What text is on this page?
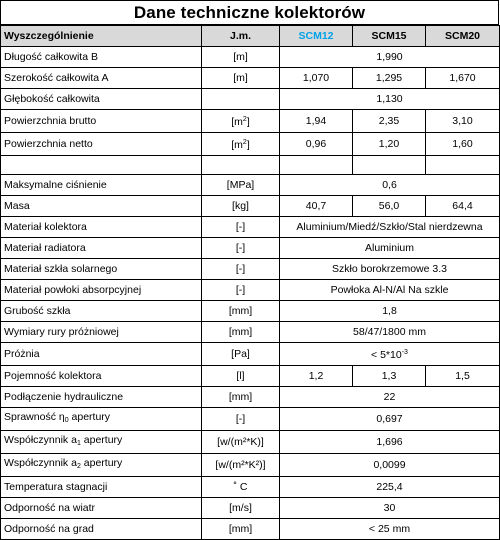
Dane techniczne kolektorów
Wyszczególnienie	J.m.	SCM12	SCM15	SCM20
Długość całkowita B	[m]	1,990		
Szerokość całkowita A	[m]	1,070	1,295	1,670
Głębokość całkowita		1,130		
Powierzchnia brutto	$[m^2]$	1,94	2,35	3,10
Powierzchnia netto	$[m^2]$	0,96	1,20	1,60

Maksymalne ciśnienie	[MPa]	0,6		
Masa	[kg]	40,7	56,0	64,4
Materiał kolektora	[-]	Aluminium/Miedź/Szkło/Stal nierdzewna		
Materiał radiatora	[-]	Aluminium		
Materiał szkła solarnego	[-]	Szkło borokrzemowe 3.3		
Materiał powłoki absorpcyjnej	[-]	Powłoka Al-N/Al Na szkle		
Grubość szkła	[mm]	1,8		
Wymiary rury próżniowej	[mm]	58/47/1800 mm		
Próżnia	[Pa]	< $5*10^{-3}$
Pojemność kolektora	[l]	1,2	1,3	1,5
Podłączenie hydrauliczne	[mm]	22		
Sprawność $\eta_0$ apertury	[-]	0,697		
Współczynnik $a_1$ apertury	[w/(m²*K)]	1,696		
Współczynnik $a_2$ apertury	[w/(m²*K²)]	0,0099		
Temperatura stagnacji	˚ C	225,4		
Odporność na wiatr	[m/s]	30		
Odporność na grad	[mm]	< 25 mm		
